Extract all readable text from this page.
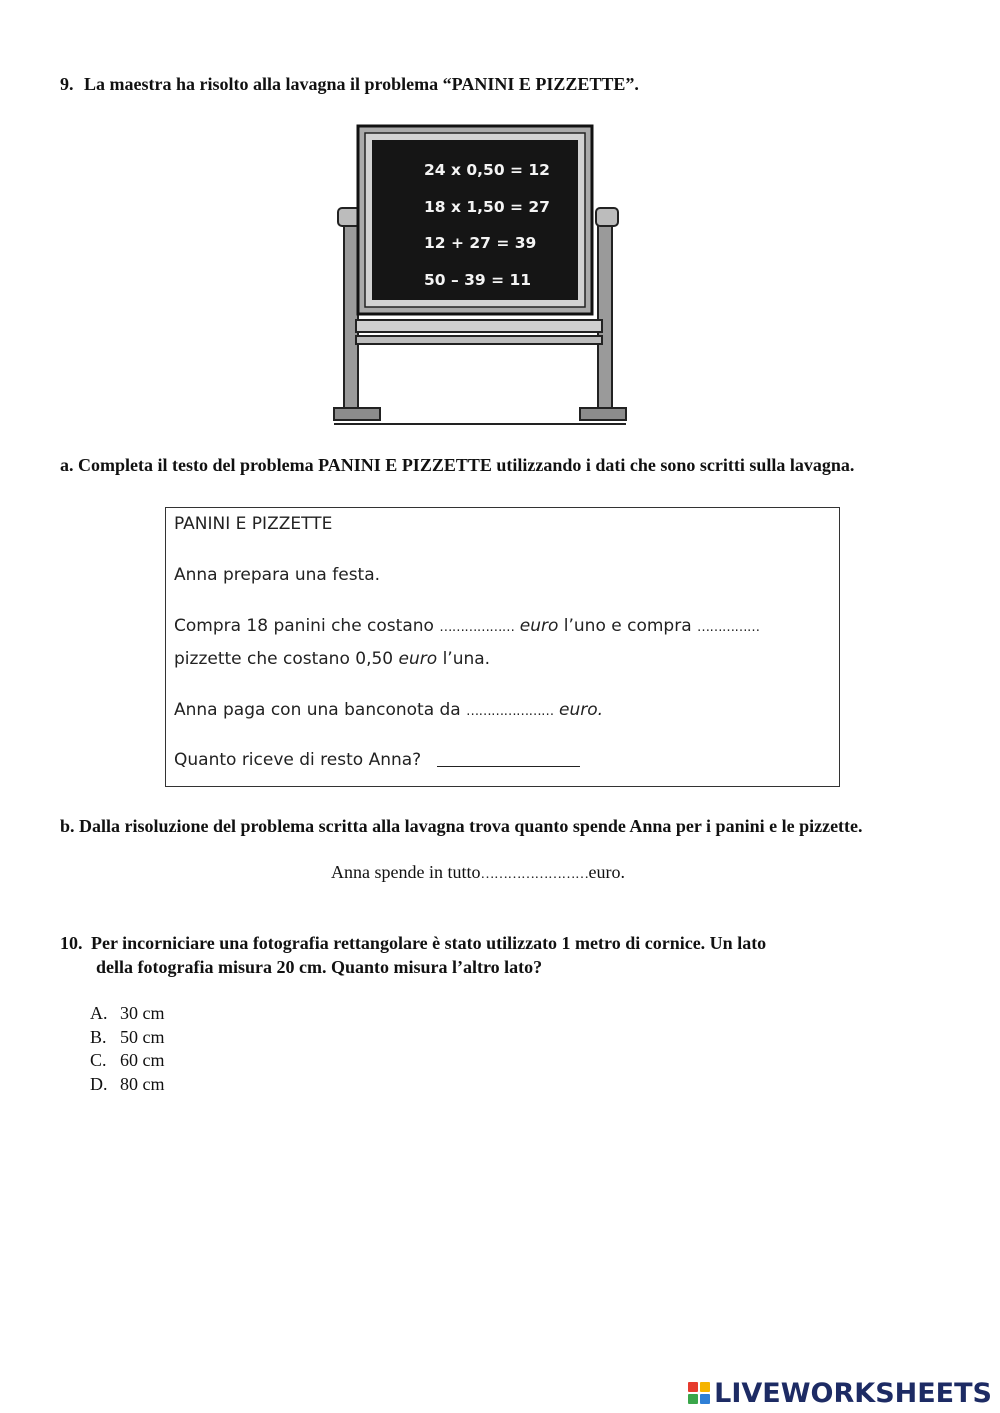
9. La maestra ha risolto alla lavagna il problema “PANINI E PIZZETTE”.
24 x 0,50 = 12
18 x 1,50 = 27
12 + 27 = 39
50 – 39 = 11
a. Completa il testo del problema PANINI E PIZZETTE utilizzando i dati che sono scritti sulla lavagna.
PANINI E PIZZETTE
Anna prepara una festa.
Compra 18 panini che costano ……………… euro l’uno e compra ……………
pizzette che costano 0,50 euro l’una.
Anna paga con una banconota da ………………… euro.
Quanto riceve di resto Anna?
b. Dalla risoluzione del problema scritta alla lavagna trova quanto spende Anna per i panini e le pizzette.
Anna spende in tutto……………………euro.
10. Per incorniciare una fotografia rettangolare è stato utilizzato 1 metro di cornice. Un lato
della fotografia misura 20 cm. Quanto misura l’altro lato?
A. 30 cm
B. 50 cm
C. 60 cm
D. 80 cm
LIVEWORKSHEETS
